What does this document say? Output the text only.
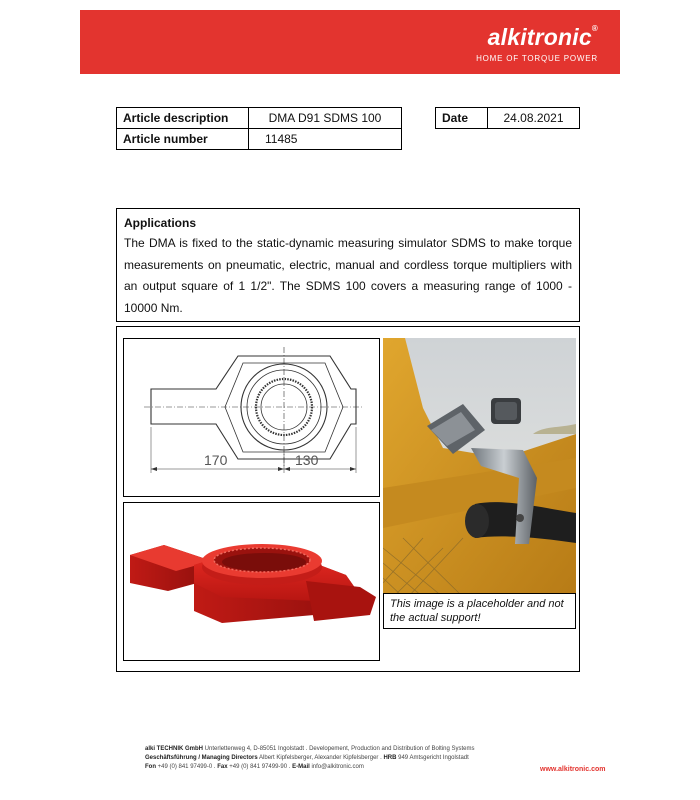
alkitronic®
HOME OF TORQUE POWER
Article description	DMA D91 SDMS 100
Article number	11485
Date	24.08.2021
Applications

The DMA is fixed to the static-dynamic measuring simulator SDMS to make torque measurements on pneumatic, electric, manual and cordless torque multipliers with an output square of 1 1/2". The SDMS 100 covers a measuring range of 1000 - 10000 Nm.

170	130
This image is a placeholder and not the actual support!
alki TECHNIK GmbH Unterlettenweg 4, D-85051 Ingolstadt . Developement, Production and Distribution of Bolting Systems
Geschäftsführung / Managing Directors Albert Kipfelsberger, Alexander Kipfelsberger . HRB 949 Amtsgericht Ingolstadt
Fon +49 (0) 841 97499-0 . Fax +49 (0) 841 97499-90 . E-Mail info@alkitronic.com	www.alkitronic.com
